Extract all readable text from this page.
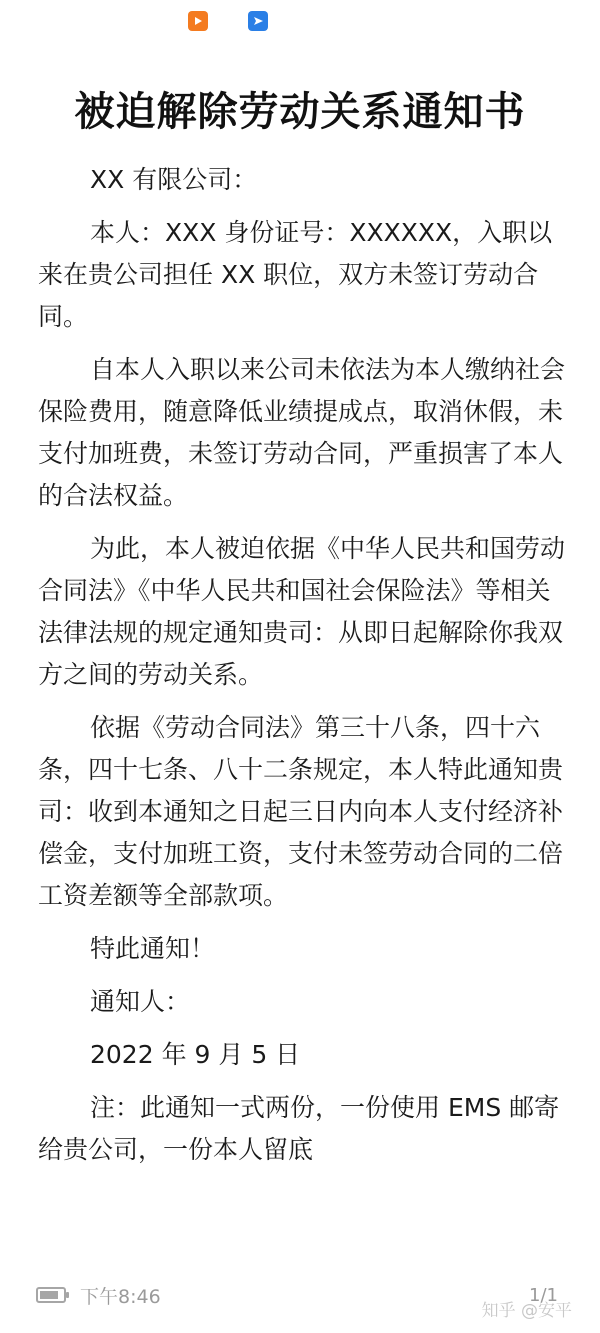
被迫解除劳动关系通知书

XX 有限公司：

本人：XXX 身份证号：XXXXXX，入职以来在贵公司担任 XX 职位，双方未签订劳动合同。

自本人入职以来公司未依法为本人缴纳社会保险费用，随意降低业绩提成点，取消休假，未支付加班费，未签订劳动合同，严重损害了本人的合法权益。

为此，本人被迫依据《中华人民共和国劳动合同法》《中华人民共和国社会保险法》等相关法律法规的规定通知贵司：从即日起解除你我双方之间的劳动关系。

依据《劳动合同法》第三十八条，四十六条，四十七条、八十二条规定，本人特此通知贵司：收到本通知之日起三日内向本人支付经济补偿金，支付加班工资，支付未签劳动合同的二倍工资差额等全部款项。

特此通知！

通知人：

2022 年 9 月 5 日

注：此通知一式两份，一份使用 EMS 邮寄给贵公司，一份本人留底

下午8:46	1/1
知乎 @安平
